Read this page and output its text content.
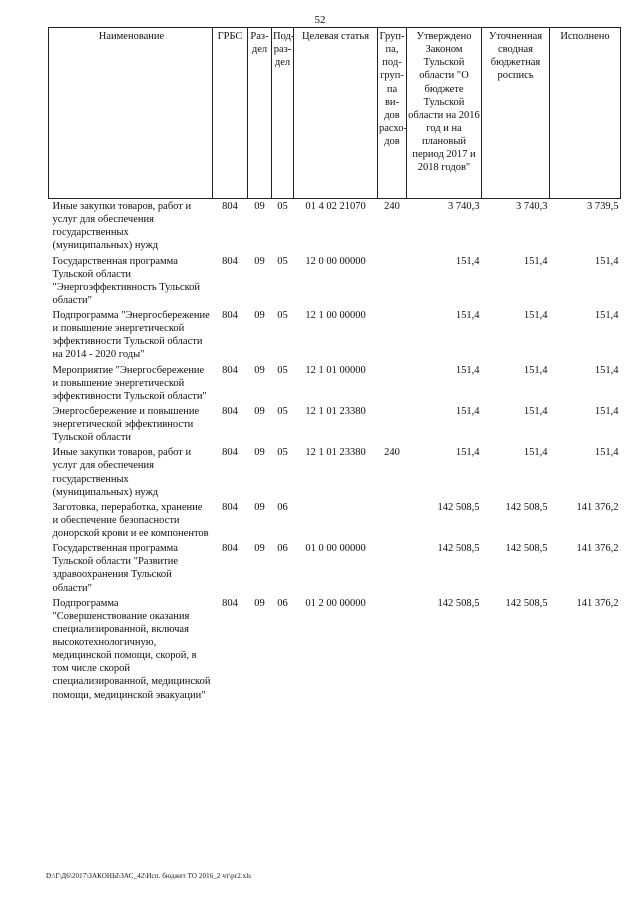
52
Наименование	ГРБС	Раз-дел	Под-раз-дел	Целевая статья	Груп-па, под-груп-па ви-дов расхо-дов	Утверждено Законом Тульской области "О бюджете Тульской области на 2016 год и на плановый период 2017 и 2018 годов"	Уточненная сводная бюджетная роспись	Исполнено
Иные закупки товаров, работ и услуг для обеспечения государственных (муниципальных) нужд	804	09	05	01 4 02 21070	240	3 740,3	3 740,3	3 739,5
Государственная программа Тульской области "Энергоэффективность Тульской области"	804	09	05	12 0 00 00000		151,4	151,4	151,4
Подпрограмма "Энергосбережение и повышение энергетической эффективности Тульской области на 2014 - 2020 годы"	804	09	05	12 1 00 00000		151,4	151,4	151,4
Мероприятие "Энергосбережение и повышение энергетической эффективности Тульской области"	804	09	05	12 1 01 00000		151,4	151,4	151,4
Энергосбережение и повышение энергетической эффективности Тульской области	804	09	05	12 1 01 23380		151,4	151,4	151,4
Иные закупки товаров, работ и услуг для обеспечения государственных (муниципальных) нужд	804	09	05	12 1 01 23380	240	151,4	151,4	151,4
Заготовка, переработка, хранение и обеспечение безопасности донорской крови и ее компонентов	804	09	06			142 508,5	142 508,5	141 376,2
Государственная программа Тульской области "Развитие здравоохранения Тульской области"	804	09	06	01 0 00 00000		142 508,5	142 508,5	141 376,2
Подпрограмма "Совершенствование оказания специализированной, включая высокотехнологичную, медицинской помощи, скорой, в том числе скорой специализированной, медицинской помощи, медицинской эвакуации"	804	09	06	01 2 00 00000		142 508,5	142 508,5	141 376,2
D:\Г\Д6\2017\ЗАКОНЫ\ЗАС_42\Исп. бюджет ТО 2016_2 чт\pr2.xls
